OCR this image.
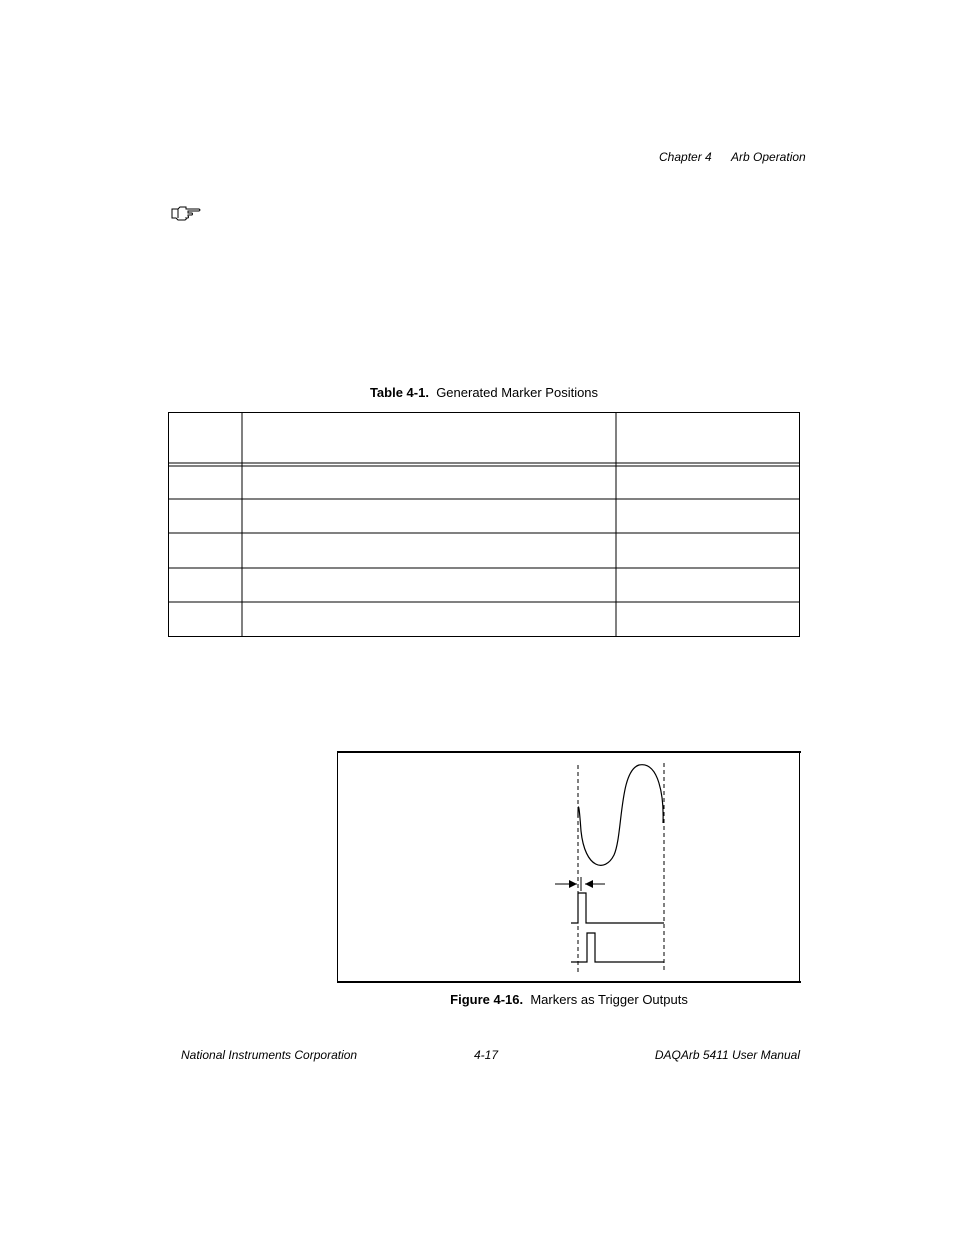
Chapter 4 Arb Operation
Table 4-1. Generated Marker Positions
Figure 4-16. Markers as Trigger Outputs
National Instruments Corporation	4-17	DAQArb 5411 User Manual
